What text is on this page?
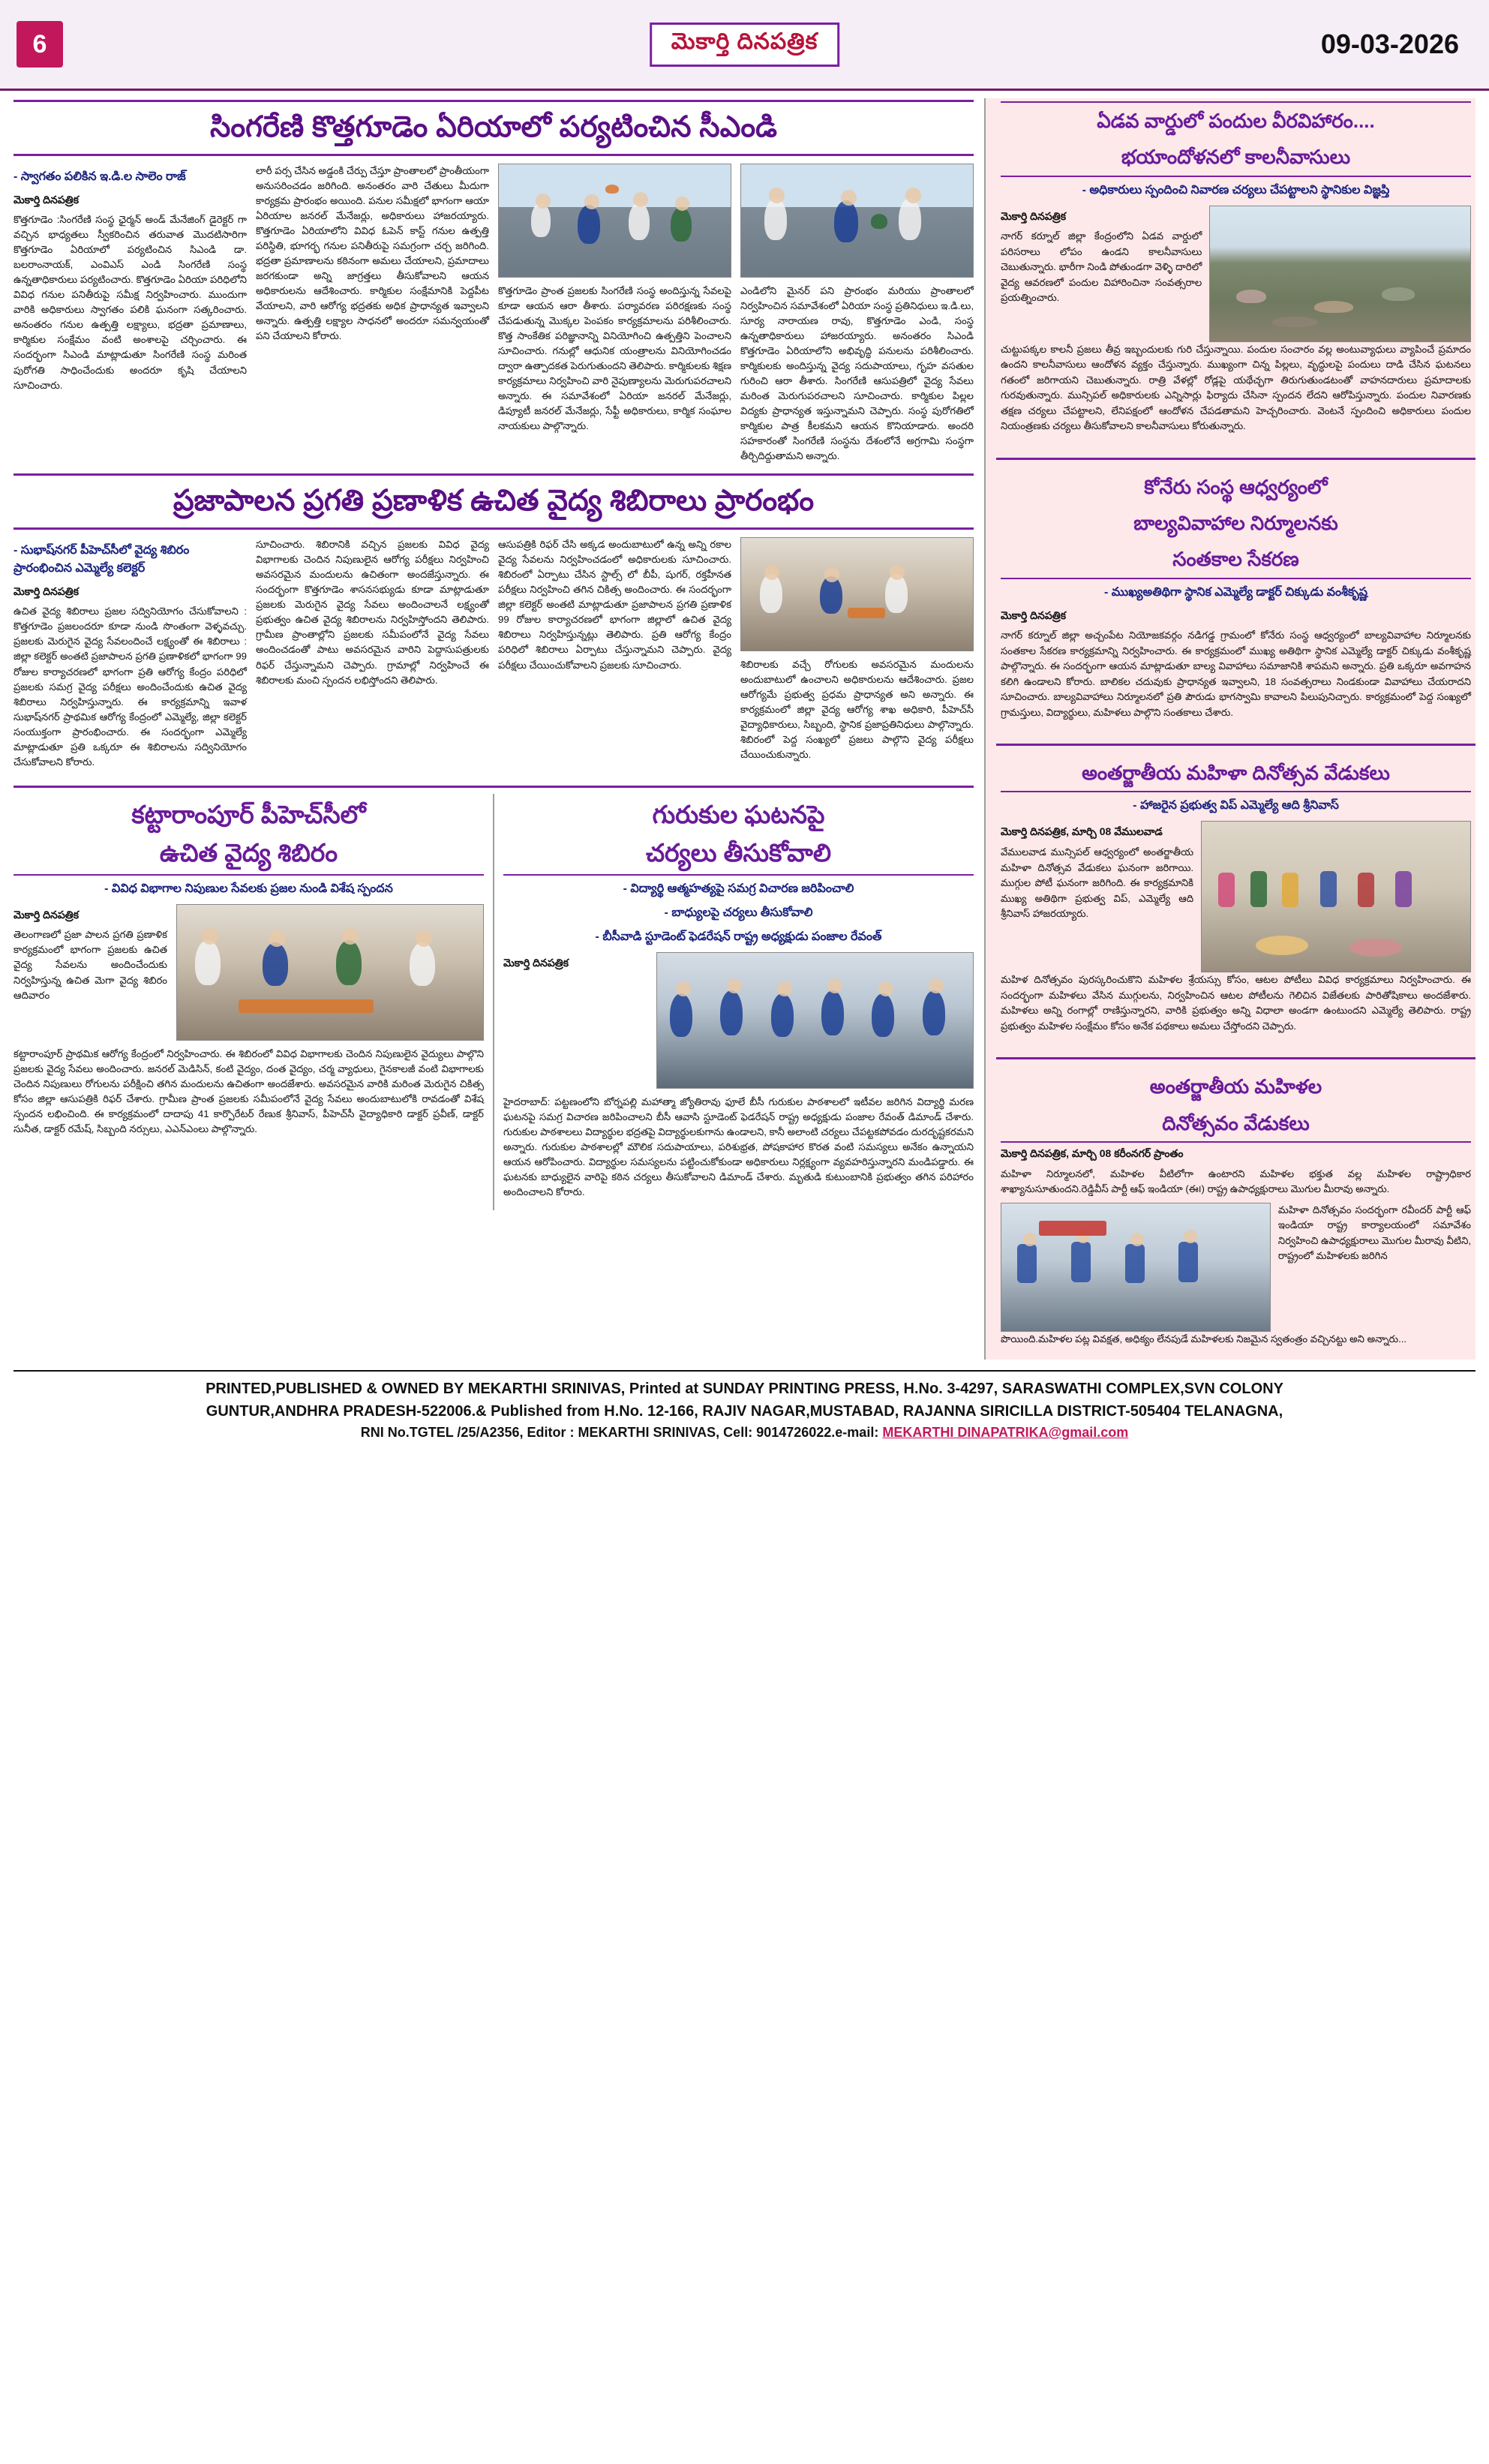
6	మెకార్తి దినపత్రిక	09-03-2026
సింగరేణి కొత్తగూడెం ఏరియాలో పర్యటించిన సీఎండి
- స్వాగతం పలికిన ఇ.డి.ల సాలెం రాజ్
మెకార్తి దినపత్రిక

కొత్తగూడెం :సింగరేణి సంస్థ ఛైర్మన్ అండ్ మేనేజింగ్ డైరెక్టర్ గా వచ్చిన భాధ్యతలు స్వీకరించిన తరువాత మొదటిసారిగా కొత్తగూడెం ఏరియాలో పర్యటించిన సిఎండి డా. బలరాంనాయక్, ఎంవిఎస్ ఎండి సింగరేణి సంస్థ ఉన్నతాధికారులు పర్యటించారు. కొత్తగూడెం ఏరియా పరిధిలోని వివిధ గనుల పనితీరుపై సమీక్ష నిర్వహించారు. ముందుగా వారికి అధికారులు స్వాగతం పలికి ఘనంగా సత్కరించారు. అనంతరం గనుల ఉత్పత్తి లక్ష్యాలు, భద్రతా ప్రమాణాలు, కార్మికుల సంక్షేమం వంటి అంశాలపై చర్చించారు. ఈ సందర్భంగా సిఎండి మాట్లాడుతూ సింగరేణి సంస్థ మరింత పురోగతి సాధించేందుకు అందరూ కృషి చేయాలని సూచించారు.

లారీ పర్స చేసిన అడ్డంకి చేర్పు చేస్తూ ప్రాంతాలలో ప్రాంతీయంగా అనుసరించడం జరిగింది. అనంతరం వారి చేతులు మీదుగా కార్యక్రమ ప్రారంభం అయింది. పనుల సమీక్షలో భాగంగా ఆయా ఏరియాల జనరల్ మేనేజర్లు, అధికారులు హాజరయ్యారు. కొత్తగూడెం ఏరియాలోని వివిధ ఓపెన్ కాస్ట్ గనుల ఉత్పత్తి పరిస్థితి, భూగర్భ గనుల పనితీరుపై సమగ్రంగా చర్చ జరిగింది. భద్రతా ప్రమాణాలను కఠినంగా అమలు చేయాలని, ప్రమాదాలు జరగకుండా అన్ని జాగ్రత్తలు తీసుకోవాలని ఆయన అధికారులను ఆదేశించారు. కార్మికుల సంక్షేమానికి పెద్దపీట వేయాలని, వారి ఆరోగ్య భద్రతకు అధిక ప్రాధాన్యత ఇవ్వాలని అన్నారు. ఉత్పత్తి లక్ష్యాల సాధనలో అందరూ సమన్వయంతో పని చేయాలని కోరారు.

కొత్తగూడెం ప్రాంత ప్రజలకు సింగరేణి సంస్థ అందిస్తున్న సేవలపై కూడా ఆయన ఆరా తీశారు. పర్యావరణ పరిరక్షణకు సంస్థ చేపడుతున్న మొక్కల పెంపకం కార్యక్రమాలను పరిశీలించారు. కొత్త సాంకేతిక పరిజ్ఞానాన్ని వినియోగించి ఉత్పత్తిని పెంచాలని సూచించారు. గనుల్లో ఆధునిక యంత్రాలను వినియోగించడం ద్వారా ఉత్పాదకత పెరుగుతుందని తెలిపారు. కార్మికులకు శిక్షణ కార్యక్రమాలు నిర్వహించి వారి నైపుణ్యాలను మెరుగుపరచాలని అన్నారు. ఈ సమావేశంలో ఏరియా జనరల్ మేనేజర్లు, డిప్యూటీ జనరల్ మేనేజర్లు, సేఫ్టీ అధికారులు, కార్మిక సంఘాల నాయకులు పాల్గొన్నారు.

ఎండిలోని మైనర్ పని ప్రారంభం మరియు ప్రాంతాలలో నిర్వహించిన సమావేశంలో ఏరియా సంస్థ ప్రతినిధులు ఇ.డి.లు, సూర్య నారాయణ రావు, కొత్తగూడెం ఎండి, సంస్థ ఉన్నతాధికారులు హాజరయ్యారు. అనంతరం సిఎండి కొత్తగూడెం ఏరియాలోని అభివృద్ధి పనులను పరిశీలించారు. కార్మికులకు అందిస్తున్న వైద్య సదుపాయాలు, గృహ వసతుల గురించి ఆరా తీశారు. సింగరేణి ఆసుపత్రిలో వైద్య సేవలు మరింత మెరుగుపరచాలని సూచించారు. కార్మికుల పిల్లల విద్యకు ప్రాధాన్యత ఇస్తున్నామని చెప్పారు. సంస్థ పురోగతిలో కార్మికుల పాత్ర కీలకమని ఆయన కొనియాడారు. అందరి సహకారంతో సింగరేణి సంస్థను దేశంలోనే అగ్రగామి సంస్థగా తీర్చిదిద్దుతామని అన్నారు.

ప్రజాపాలన ప్రగతి ప్రణాళిక ఉచిత వైద్య శిబిరాలు ప్రారంభం
- సుభాష్‌నగర్ పీహెచ్‌సీలో వైద్య శిబిరం ప్రారంభించిన ఎమ్మెల్యే కలెక్టర్
మెకార్తి దినపత్రిక

ఉచిత వైద్య శిబిరాలు ప్రజల సద్వినియోగం చేసుకోవాలని : కొత్తగూడెం ప్రజలందరూ కూడా నుండి సొంతంగా వెళ్ళవచ్చు. ప్రజలకు మెరుగైన వైద్య సేవలందించే లక్ష్యంతో ఈ శిబిరాలు : జిల్లా కలెక్టర్ అంతటి ప్రజాపాలన ప్రగతి ప్రణాళికలో భాగంగా 99 రోజుల కార్యాచరణలో భాగంగా ప్రతి ఆరోగ్య కేంద్రం పరిధిలో ప్రజలకు సమగ్ర వైద్య పరీక్షలు అందించేందుకు ఉచిత వైద్య శిబిరాలు నిర్వహిస్తున్నారు. ఈ కార్యక్రమాన్ని ఇవాళ సుభాష్‌నగర్ ప్రాథమిక ఆరోగ్య కేంద్రంలో ఎమ్మెల్యే, జిల్లా కలెక్టర్ సంయుక్తంగా ప్రారంభించారు. ఈ సందర్భంగా ఎమ్మెల్యే మాట్లాడుతూ ప్రతి ఒక్కరూ ఈ శిబిరాలను సద్వినియోగం చేసుకోవాలని కోరారు.

సూచించారు. శిబిరానికి వచ్చిన ప్రజలకు వివిధ వైద్య విభాగాలకు చెందిన నిపుణులైన ఆరోగ్య పరీక్షలు నిర్వహించి అవసరమైన మందులను ఉచితంగా అందజేస్తున్నారు. ఈ సందర్భంగా కొత్తగూడెం శాసనసభ్యుడు కూడా మాట్లాడుతూ ప్రజలకు మెరుగైన వైద్య సేవలు అందించాలనే లక్ష్యంతో ప్రభుత్వం ఉచిత వైద్య శిబిరాలను నిర్వహిస్తోందని తెలిపారు. గ్రామీణ ప్రాంతాల్లోని ప్రజలకు సమీపంలోనే వైద్య సేవలు అందించడంతో పాటు అవసరమైన వారిని పెద్దాసుపత్రులకు రిఫర్ చేస్తున్నామని చెప్పారు. గ్రామాల్లో నిర్వహించే ఈ శిబిరాలకు మంచి స్పందన లభిస్తోందని తెలిపారు.

ఆసుపత్రికి రిఫర్ చేసి అక్కడ అందుబాటులో ఉన్న అన్ని రకాల వైద్య సేవలను నిర్వహించడంలో అధికారులకు సూచించారు. శిబిరంలో ఏర్పాటు చేసిన స్టాల్స్ లో బీపీ, షుగర్, రక్తహీనత పరీక్షలు నిర్వహించి తగిన చికిత్స అందించారు. ఈ సందర్భంగా జిల్లా కలెక్టర్ అంతటి మాట్లాడుతూ ప్రజాపాలన ప్రగతి ప్రణాళిక 99 రోజుల కార్యాచరణలో భాగంగా జిల్లాలో ఉచిత వైద్య శిబిరాలు నిర్వహిస్తున్నట్లు తెలిపారు. ప్రతి ఆరోగ్య కేంద్రం పరిధిలో శిబిరాలు ఏర్పాటు చేస్తున్నామని చెప్పారు. వైద్య పరీక్షలు చేయించుకోవాలని ప్రజలకు సూచించారు.	శిబిరాలకు వచ్చే రోగులకు అవసరమైన మందులను అందుబాటులో ఉంచాలని అధికారులను ఆదేశించారు. ప్రజల ఆరోగ్యమే ప్రభుత్వ ప్రధమ ప్రాధాన్యత అని అన్నారు. ఈ కార్యక్రమంలో జిల్లా వైద్య ఆరోగ్య శాఖ అధికారి, పీహెచ్‌సీ వైద్యాధికారులు, సిబ్బంది, స్థానిక ప్రజాప్రతినిధులు పాల్గొన్నారు. శిబిరంలో పెద్ద సంఖ్యలో ప్రజలు పాల్గొని వైద్య పరీక్షలు చేయించుకున్నారు.

కట్టారాంపూర్ పీహెచ్‌సీలో
ఉచిత వైద్య శిబిరం
- వివిధ విభాగాల నిపుణుల సేవలకు ప్రజల నుండి విశేష స్పందన
మెకార్తి దినపత్రిక

తెలంగాణలో ప్రజా పాలన ప్రగతి ప్రణాళిక కార్యక్రమంలో భాగంగా ప్రజలకు ఉచిత వైద్య సేవలను అందించేందుకు నిర్వహిస్తున్న ఉచిత మెగా వైద్య శిబిరం ఆదివారం

కట్టారాంపూర్ ప్రాథమిక ఆరోగ్య కేంద్రంలో నిర్వహించారు. ఈ శిబిరంలో వివిధ విభాగాలకు చెందిన నిపుణులైన వైద్యులు పాల్గొని ప్రజలకు వైద్య సేవలు అందించారు. జనరల్ మెడిసిన్, కంటి వైద్యం, దంత వైద్యం, చర్మ వ్యాధులు, గైనకాలజీ వంటి విభాగాలకు చెందిన నిపుణులు రోగులను పరీక్షించి తగిన మందులను ఉచితంగా అందజేశారు. అవసరమైన వారికి మరింత మెరుగైన చికిత్స కోసం జిల్లా ఆసుపత్రికి రిఫర్ చేశారు. గ్రామీణ ప్రాంత ప్రజలకు సమీపంలోనే వైద్య సేవలు అందుబాటులోకి రావడంతో విశేష స్పందన లభించింది. ఈ కార్యక్రమంలో దాదాపు 41 కార్పొరేటర్ రేణుక శ్రీనివాస్, పీహెచ్‌సీ వైద్యాధికారి డాక్టర్ ప్రవీణ్, డాక్టర్ సునీత, డాక్టర్ రమేష్, సిబ్బంది నర్సులు, ఎఎన్ఎంలు పాల్గొన్నారు.

గురుకుల ఘటనపై
చర్యలు తీసుకోవాలి
- విద్యార్థి ఆత్మహత్యపై సమగ్ర విచారణ జరిపించాలి
- బాధ్యులపై చర్యలు తీసుకోవాలి
- బీసీవాడి స్టూడెంట్ ఫెడరేషన్ రాష్ట్ర అధ్యక్షుడు పంజాల రేవంత్
మెకార్తి దినపత్రిక

హైదరాబాద్: పట్టణంలోని బోర్నపల్లి మహాత్మా జ్యోతిరావు ఫూలే బీసీ గురుకుల పాఠశాలలో ఇటీవల జరిగిన విద్యార్థి మరణ ఘటనపై సమగ్ర విచారణ జరిపించాలని బీసీ ఆవాసి స్టూడెంట్ ఫెడరేషన్ రాష్ట్ర అధ్యక్షుడు పంజాల రేవంత్ డిమాండ్ చేశారు. గురుకుల పాఠశాలలు విద్యార్థుల భద్రతపై విద్యార్థులకుగాను ఉండాలని, కానీ అలాంటి చర్యలు చేపట్టకపోవడం దురదృష్టకరమని అన్నారు. గురుకుల పాఠశాలల్లో మౌలిక సదుపాయాలు, పరిశుభ్రత, పోషకాహార కొరత వంటి సమస్యలు అనేకం ఉన్నాయని ఆయన ఆరోపించారు. విద్యార్థుల సమస్యలను పట్టించుకోకుండా అధికారులు నిర్లక్ష్యంగా వ్యవహరిస్తున్నారని మండిపడ్డారు. ఈ ఘటనకు బాధ్యులైన వారిపై కఠిన చర్యలు తీసుకోవాలని డిమాండ్ చేశారు. మృతుడి కుటుంబానికి ప్రభుత్వం తగిన పరిహారం అందించాలని కోరారు.

ఏడవ వార్డులో పందుల వీరవిహారం....
భయాందోళనలో కాలనీవాసులు
- అధికారులు స్పందించి నివారణ చర్యలు చేపట్టాలని స్థానికుల విజ్ఞప్తి
మెకార్తి దినపత్రిక

నాగర్ కర్నూల్ జిల్లా కేంద్రంలోని ఏడవ వార్డులో పరిసరాలు లోపం ఉండని కాలనీవాసులు చెబుతున్నారు. భారీగా నిండి పోతుండగా వెళ్ళి దారిలో వైద్య ఆవరణలో పందుల విహారించినా సంవత్సరాల ప్రయత్నించారు.

చుట్టుపక్కల కాలనీ ప్రజలు తీవ్ర ఇబ్బందులకు గురి చేస్తున్నాయి. పందుల సంచారం వల్ల అంటువ్యాధులు వ్యాపించే ప్రమాదం ఉందని కాలనీవాసులు ఆందోళన వ్యక్తం చేస్తున్నారు. ముఖ్యంగా చిన్న పిల్లలు, వృద్ధులపై పందులు దాడి చేసిన ఘటనలు గతంలో జరిగాయని చెబుతున్నారు. రాత్రి వేళల్లో రోడ్లపై యథేచ్ఛగా తిరుగుతుండటంతో వాహనదారులు ప్రమాదాలకు గురవుతున్నారు. మున్సిపల్ అధికారులకు ఎన్నిసార్లు ఫిర్యాదు చేసినా స్పందన లేదని ఆరోపిస్తున్నారు. పందుల నివారణకు తక్షణ చర్యలు చేపట్టాలని, లేనిపక్షంలో ఆందోళన చేపడతామని హెచ్చరించారు. వెంటనే స్పందించి అధికారులు పందుల నియంత్రణకు చర్యలు తీసుకోవాలని కాలనీవాసులు కోరుతున్నారు.

కోనేరు సంస్థ ఆధ్వర్యంలో
బాల్యవివాహాల నిర్మూలనకు
సంతకాల సేకరణ
- ముఖ్యఅతిథిగా స్థానిక ఎమ్మెల్యే డాక్టర్ చిక్కుడు వంశీకృష్ణ
మెకార్తి దినపత్రిక

నాగర్ కర్నూల్ జిల్లా అచ్చంపేట నియోజకవర్గం నడిగడ్డ గ్రామంలో కోనేరు సంస్థ ఆధ్వర్యంలో బాల్యవివాహాల నిర్మూలనకు సంతకాల సేకరణ కార్యక్రమాన్ని నిర్వహించారు. ఈ కార్యక్రమంలో ముఖ్య అతిథిగా స్థానిక ఎమ్మెల్యే డాక్టర్ చిక్కుడు వంశీకృష్ణ పాల్గొన్నారు. ఈ సందర్భంగా ఆయన మాట్లాడుతూ బాల్య వివాహాలు సమాజానికి శాపమని అన్నారు. ప్రతి ఒక్కరూ అవగాహన కలిగి ఉండాలని కోరారు. బాలికల చదువుకు ప్రాధాన్యత ఇవ్వాలని, 18 సంవత్సరాలు నిండకుండా వివాహాలు చేయరాదని సూచించారు. బాల్యవివాహాలు నిర్మూలనలో ప్రతి పౌరుడు భాగస్వామి కావాలని పిలుపునిచ్చారు. కార్యక్రమంలో పెద్ద సంఖ్యలో గ్రామస్తులు, విద్యార్థులు, మహిళలు పాల్గొని సంతకాలు చేశారు.

అంతర్జాతీయ మహిళా దినోత్సవ వేడుకలు
- హాజరైన ప్రభుత్వ విప్ ఎమ్మెల్యే ఆది శ్రీనివాస్
మెకార్తి దినపత్రిక, మార్చి 08 వేములవాడ

వేములవాడ మున్సిపల్ ఆధ్వర్యంలో అంతర్జాతీయ మహిళా దినోత్సవ వేడుకలు ఘనంగా జరిగాయి. ముగ్గుల పోటీ ఘనంగా జరిగింది. ఈ కార్యక్రమానికి ముఖ్య అతిథిగా ప్రభుత్వ విప్, ఎమ్మెల్యే ఆది శ్రీనివాస్ హాజరయ్యారు.

మహిళ దినోత్సవం పురస్కరించుకొని మహిళల శ్రేయస్సు కోసం, ఆటల పోటీలు వివిధ కార్యక్రమాలు నిర్వహించారు. ఈ సందర్భంగా మహిళలు వేసిన ముగ్గులను, నిర్వహించిన ఆటల పోటీలను గెలిచిన విజేతలకు పారితోషికాలు అందజేశారు. మహిళలు అన్ని రంగాల్లో రాణిస్తున్నారని, వారికి ప్రభుత్వం అన్ని విధాలా అండగా ఉంటుందని ఎమ్మెల్యే తెలిపారు. రాష్ట్ర ప్రభుత్వం మహిళల సంక్షేమం కోసం అనేక పథకాలు అమలు చేస్తోందని చెప్పారు.

అంతర్జాతీయ మహిళల
దినోత్సవం వేడుకలు
మెకార్తి దినపత్రిక, మార్చి 08 కరీంనగర్ ప్రాంతం

మహిళా నిర్మూలనలో, మహిళల వీటిలోగా ఉంటారని మహిళల భక్తుత వల్ల మహిళల రాష్ట్రాధికార శాఖ్యానుసూతుందని.రెడ్డివీస్ పార్టీ ఆఫ్ ఇండియా (ఈ౹) రాష్ట్ర ఉపాధ్యక్షురాలు మొగుల మీరావు అన్నారు.

మహిళా దినోత్సవం సందర్భంగా రవీందర్ పార్టీ ఆఫ్ ఇండియా రాష్ట్ర కార్యాలయంలో సమావేశం నిర్వహించి ఉపాధ్యక్షురాలు మొగుల మీరావు వీటిని, రాష్ట్రంలో మహిళలకు జరిగిన

పొయింది.మహిళల పట్ల వివక్షత, అధిక్యం లేనపుడే మహిళలకు నిజమైన స్వతంత్రం వచ్చినట్టు అని అన్నారు...

PRINTED,PUBLISHED & OWNED BY MEKARTHI SRINIVAS, Printed at SUNDAY PRINTING PRESS, H.No. 3-4297, SARASWATHI COMPLEX,SVN COLONY
GUNTUR,ANDHRA PRADESH-522006.& Published from H.No. 12-166, RAJIV NAGAR,MUSTABAD, RAJANNA SIRICILLA DISTRICT-505404 TELANAGNA,
RNI No.TGTEL /25/A2356, Editor : MEKARTHI SRINIVAS, Cell: 9014726022.e-mail: MEKARTHI DINAPATRIKA@gmail.com
